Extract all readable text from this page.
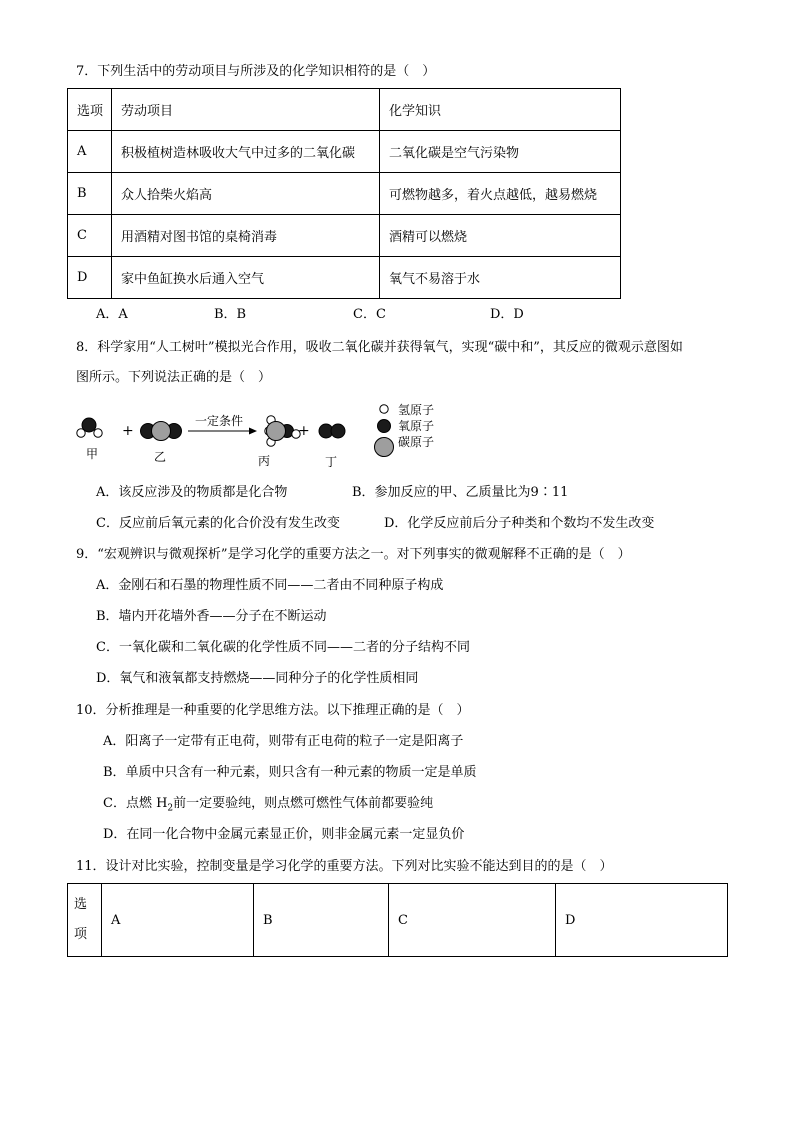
7．下列生活中的劳动项目与所涉及的化学知识相符的是（　）
选项	劳动项目	化学知识
A	积极植树造林吸收大气中过多的二氧化碳	二氧化碳是空气污染物
B	众人拾柴火焰高	可燃物越多，着火点越低，越易燃烧
C	用酒精对图书馆的桌椅消毒	酒精可以燃烧
D	家中鱼缸换水后通入空气	氧气不易溶于水
A．A	B．B	C．C	D．D
8．科学家用“人工树叶”模拟光合作用，吸收二氧化碳并获得氧气，实现“碳中和”，其反应的微观示意图如
图所示。下列说法正确的是（　）
+
一定条件
+
甲	乙	丙	丁
氢原子
氧原子
碳原子
A．该反应涉及的物质都是化合物	B．参加反应的甲、乙质量比为9∶11
C．反应前后氧元素的化合价没有发生改变	D．化学反应前后分子种类和个数均不发生改变
9．“宏观辨识与微观探析”是学习化学的重要方法之一。对下列事实的微观解释不正确的是（　）
A．金刚石和石墨的物理性质不同——二者由不同种原子构成
B．墙内开花墙外香——分子在不断运动
C．一氧化碳和二氧化碳的化学性质不同——二者的分子结构不同
D．氧气和液氧都支持燃烧——同种分子的化学性质相同
10．分析推理是一种重要的化学思维方法。以下推理正确的是（　）
A．阳离子一定带有正电荷，则带有正电荷的粒子一定是阳离子
B．单质中只含有一种元素，则只含有一种元素的物质一定是单质
C．点燃 $H_2$前一定要验纯，则点燃可燃性气体前都要验纯
D．在同一化合物中金属元素显正价，则非金属元素一定显负价
11．设计对比实验，控制变量是学习化学的重要方法。下列对比实验不能达到目的的是（　）
选
项	A	B	C	D
